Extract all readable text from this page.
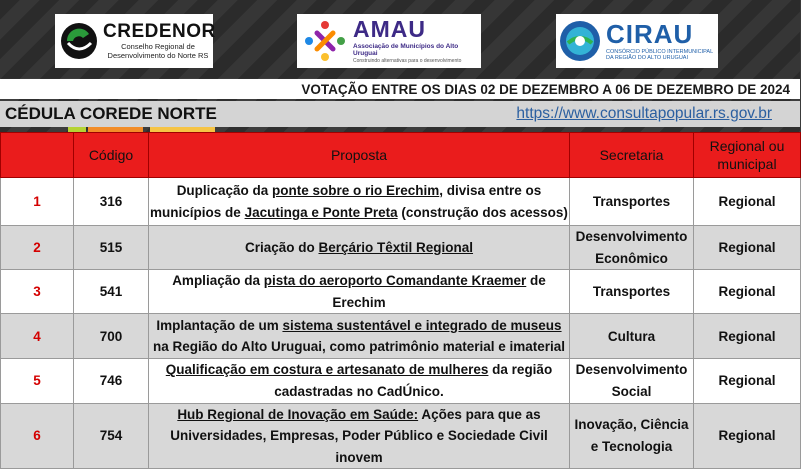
CREDENOR
Conselho Regional de Desenvolvimento do Norte RS
AMAU
Associação de Municípios do Alto Uruguai
Construindo alternativas para o desenvolvimento
CIRAU
CONSÓRCIO PÚBLICO INTERMUNICIPAL DA REGIÃO DO ALTO URUGUAI
VOTAÇÃO ENTRE OS DIAS 02 DE DEZEMBRO A 06 DE DEZEMBRO DE 2024
CÉDULA COREDE NORTE	https://www.consultapopular.rs.gov.br
	Código	Proposta	Secretaria	Regional ou municipal
1	316	Duplicação da ponte sobre o rio Erechim, divisa entre os municípios de Jacutinga e Ponte Preta (construção dos acessos)	Transportes	Regional
2	515	Criação do Berçário Têxtil Regional	Desenvolvimento Econômico	Regional
3	541	Ampliação da pista do aeroporto Comandante Kraemer de Erechim	Transportes	Regional
4	700	Implantação de um sistema sustentável e integrado de museus na Região do Alto Uruguai, como patrimônio material e imaterial	Cultura	Regional
5	746	Qualificação em costura e artesanato de mulheres da região cadastradas no CadÚnico.	Desenvolvimento Social	Regional
6	754	Hub Regional de Inovação em Saúde: Ações para que as Universidades, Empresas, Poder Público e Sociedade Civil inovem	Inovação, Ciência e Tecnologia	Regional
